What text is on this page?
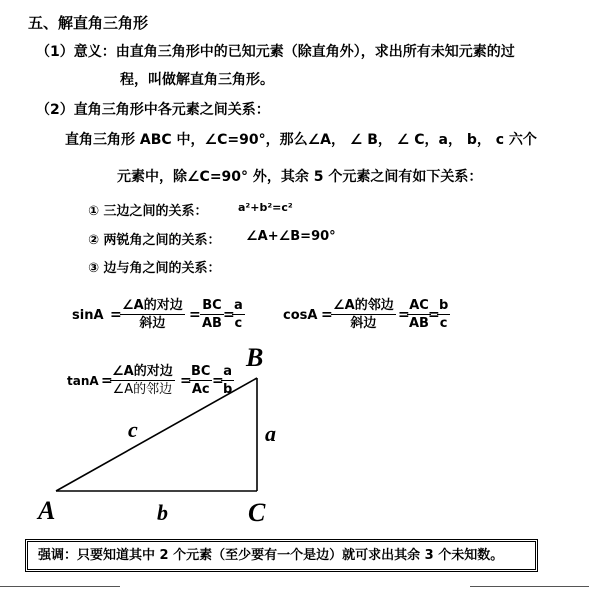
五、解直角三角形
（1）意义：由直角三角形中的已知元素（除直角外），求出所有未知元素的过
程，叫做解直角三角形。
（2）直角三角形中各元素之间关系：
直角三角形 ABC 中，∠C=90°，那么∠A， ∠ B， ∠ C，a， b， c 六个
元素中，除∠C=90° 外，其余 5 个元素之间有如下关系：
① 三边之间的关系：	a²+b²=c²
② 两锐角之间的关系： ∠A+∠B=90°
③ 边与角之间的关系：
sinA =
∠A的对边
斜边
= $\frac{BC}{AB}$ =
$\frac{a}{c}$	cosA =
∠A的邻边
斜边
=
$\frac{AC}{AB}$
=
$\frac{b}{c}$
tanA =
∠A的对边
∠A的邻边
=
$\frac{BC}{Ac}$ =
$\frac{a}{b}$
B
A	C
a
b
c
强调：只要知道其中 2 个元素（至少要有一个是边）就可求出其余 3 个未知数。
